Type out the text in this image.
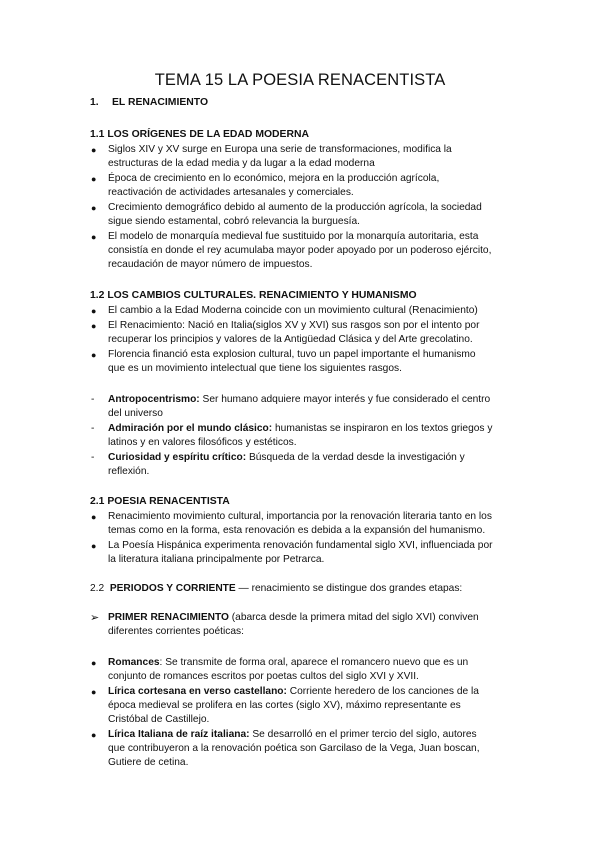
TEMA 15 LA POESIA RENACENTISTA
1. EL RENACIMIENTO
1.1 LOS ORÍGENES DE LA EDAD MODERNA
● Siglos XIV y XV surge en Europa una serie de transformaciones, modifica la
estructuras de la edad media y da lugar a la edad moderna
● Época de crecimiento en lo económico, mejora en la producción agrícola,
reactivación de actividades artesanales y comerciales.
● Crecimiento demográfico debido al aumento de la producción agrícola, la sociedad
sigue siendo estamental, cobró relevancia la burguesía.
● El modelo de monarquía medieval fue sustituido por la monarquía autoritaria, esta
consistía en donde el rey acumulaba mayor poder apoyado por un poderoso ejército,
recaudación de mayor número de impuestos.
1.2 LOS CAMBIOS CULTURALES. RENACIMIENTO Y HUMANISMO
● El cambio a la Edad Moderna coincide con un movimiento cultural (Renacimiento)
● El Renacimiento: Nació en Italia(siglos XV y XVI) sus rasgos son por el intento por
recuperar los principios y valores de la Antigüedad Clásica y del Arte grecolatino.
● Florencia financió esta explosion cultural, tuvo un papel importante el humanismo
que es un movimiento intelectual que tiene los siguientes rasgos.
- Antropocentrismo: Ser humano adquiere mayor interés y fue considerado el centro
del universo
- Admiración por el mundo clásico: humanistas se inspiraron en los textos griegos y
latinos y en valores filosóficos y estéticos.
- Curiosidad y espíritu crítico: Búsqueda de la verdad desde la investigación y
reflexión.
2.1 POESIA RENACENTISTA
● Renacimiento movimiento cultural, importancia por la renovación literaria tanto en los
temas como en la forma, esta renovación es debida a la expansión del humanismo.
● La Poesía Hispánica experimenta renovación fundamental siglo XVI, influenciada por
la literatura italiana principalmente por Petrarca.
2.2 PERIODOS Y CORRIENTE — renacimiento se distingue dos grandes etapas:
➢ PRIMER RENACIMIENTO (abarca desde la primera mitad del siglo XVI) conviven
diferentes corrientes poéticas:
● Romances: Se transmite de forma oral, aparece el romancero nuevo que es un
conjunto de romances escritos por poetas cultos del siglo XVI y XVII.
● Lírica cortesana en verso castellano: Corriente heredero de los canciones de la
época medieval se prolifera en las cortes (siglo XV), máximo representante es
Cristóbal de Castillejo.
● Lírica Italiana de raíz italiana: Se desarrolló en el primer tercio del siglo, autores
que contribuyeron a la renovación poética son Garcilaso de la Vega, Juan boscan,
Gutiere de cetina.
